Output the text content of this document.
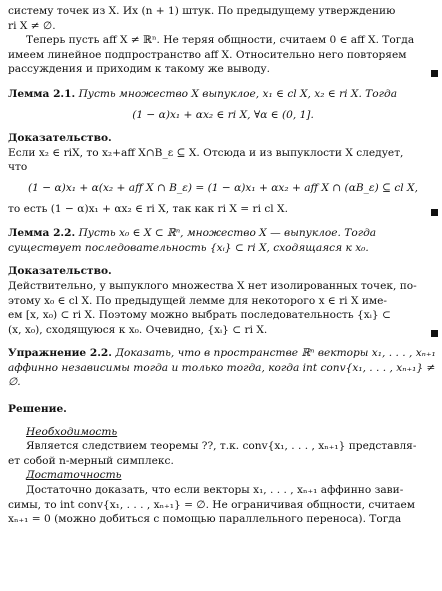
систему точек из X. Их (n + 1) штук. По предыдущему утверждению

ri X ≠ ∅.

Теперь пусть aff X ≠ ℝⁿ. Не теряя общности, считаем 0 ∈ aff X. Тогда

имеем линейное подпространство aff X. Относительно него повторяем

рассуждения и приходим к такому же выводу.

Лемма 2.1. Пусть множество X выпуклое, x₁ ∈ cl X, x₂ ∈ ri X. Тогда

(1 − α)x₁ + αx₂ ∈ ri X, ∀α ∈ (0, 1].

Доказательство.

Если x₂ ∈ riX, то x₂+aff X∩B_ε ⊆ X. Отсюда и из выпуклости X следует,

что

(1 − α)x₁ + α(x₂ + aff X ∩ B_ε) = (1 − α)x₁ + αx₂ + aff X ∩ (αB_ε) ⊆ cl X,
то есть (1 − α)x₁ + αx₂ ∈ ri X, так как ri X = ri cl X.

Лемма 2.2. Пусть x₀ ∈ X ⊂ ℝⁿ, множество X — выпуклое. Тогда

существует последовательность {xᵢ} ⊂ ri X, сходящаяся к x₀.

Доказательство.

Действительно, у выпуклого множества X нет изолированных точек, по-

этому x₀ ∈ cl X. По предыдущей лемме для некоторого x ∈ ri X име-

ем [x, x₀) ⊂ ri X. Поэтому можно выбрать последовательность {xᵢ} ⊂

(x, x₀), сходящуюся к x₀. Очевидно, {xᵢ} ⊂ ri X.

Упражнение 2.2. Доказать, что в пространстве ℝⁿ векторы x₁, . . . , xₙ₊₁

аффинно независимы тогда и только тогда, когда int conv{x₁, . . . , xₙ₊₁} ≠

∅.

Решение.

Необходимость

Является следствием теоремы ??, т.к. conv{x₁, . . . , xₙ₊₁} представля-

ет собой n-мерный симплекс.

Достаточность

Достаточно доказать, что если векторы x₁, . . . , xₙ₊₁ аффинно зави-

симы, то int conv{x₁, . . . , xₙ₊₁} = ∅. Не ограничивая общности, считаем

xₙ₊₁ = 0 (можно добиться с помощью параллельного переноса). Тогда
